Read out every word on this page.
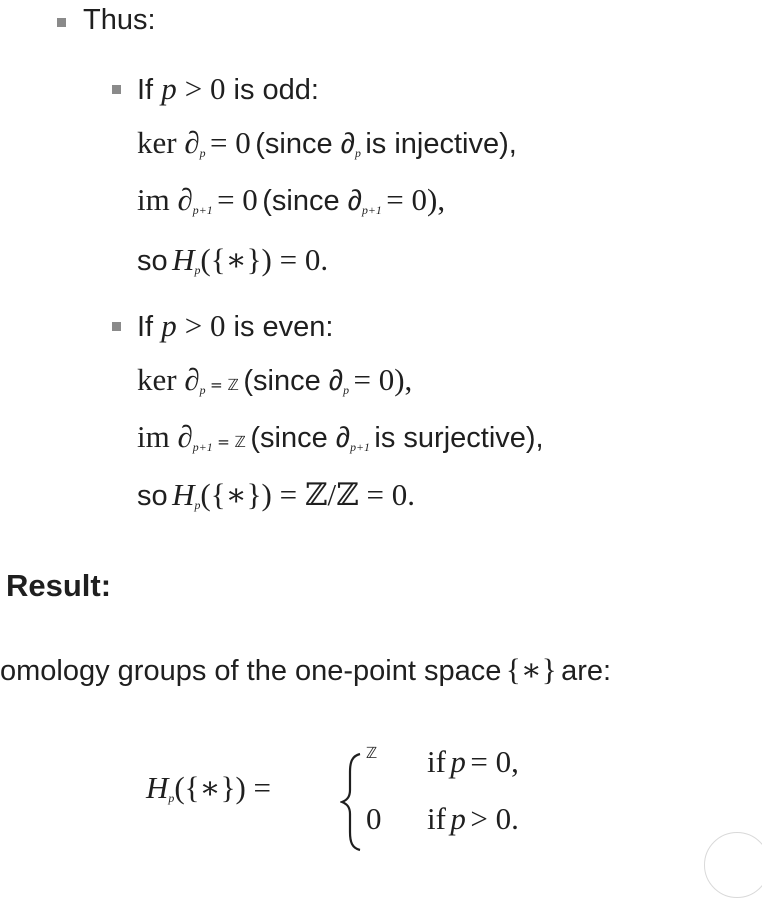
Thus:
If p > 0 is odd:
ker $\partial_p = 0$ (since $\partial_p$ is injective),
im $\partial_{p+1} = 0$ (since $\partial_{p+1} = 0$),
so $H_p(\{∗\}) = 0$.
If p > 0 is even:
ker $\partial_p$ = ℤ (since $\partial_p = 0$),
im $\partial_{p+1}$ = ℤ (since $\partial_{p+1}$ is surjective),
so $H_p(\{∗\})$ = ℤ/ℤ = 0.
Result:
omology groups of the one-point space {∗} are:
$H_p(\{∗\})$ =
ℤ if p = 0,
0 if p > 0.
